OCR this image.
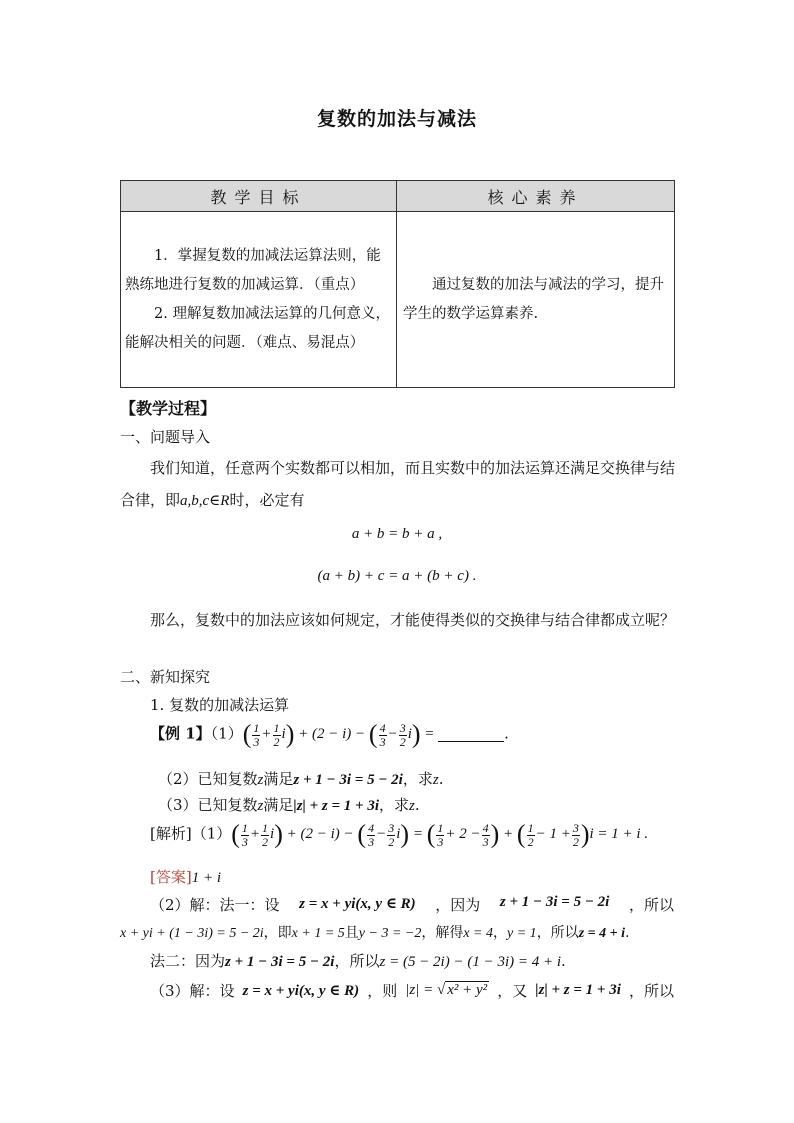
复数的加法与减法
教学目标	核心素养

1．掌握复数的加减法运算法则，能熟练地进行复数的加减运算．（重点）
2. 理解复数加减法运算的几何意义，能解决相关的问题．（难点、易混点）	通过复数的加法与减法的学习，提升学生的数学运算素养.
【教学过程】
一、问题导入
我们知道，任意两个实数都可以相加，而且实数中的加法运算还满足交换律与结合律，即a,b,c∈R时，必定有
a + b = b + a ,
(a + b) + c = a + (b + c) .
那么，复数中的加法应该如何规定，才能使得类似的交换律与结合律都成立呢？
二、新知探究
1. 复数的加减法运算
【例 1】$(1)( \frac{1}{3} + \frac{1}{2} i) + (2 - i)$ − ( $\frac{4}{3} - \frac{3}{2} i$) =	.
（2）已知复数z满足z + 1 − 3i = 5 − 2i，求z.
（3）已知复数z满足|z| + z = 1 + 3i，求z.
[解析]$(1)( \frac{1}{3} + \frac{1}{2} i) + (2 - i)$ − ( $\frac{4}{3} - \frac{3}{2} i$) = ( $\frac{1}{3} + 2 - \frac{4}{3}$ ) + ( $\frac{1}{2} - 1 + \frac{3}{2} )i = 1 + i$ .
[答案]1 + i
（2）解：法一：设 z = x + yi(x, y ∈ R) ，因为 z + 1 − 3i = 5 − 2i ，所以
x + yi + (1 − 3i) = 5 − 2i，即x + 1 = 5且y − 3 = −2，解得x = 4，y = 1，所以z = 4 + i.
法二：因为z + 1 − 3i = 5 − 2i，所以z = (5 − 2i) − (1 − 3i) = 4 + i.
（3）解：设 z = x + yi(x, y ∈ R) ，则 |z| = √ x² + y² ，又 |z| + z = 1 + 3i ，所以
